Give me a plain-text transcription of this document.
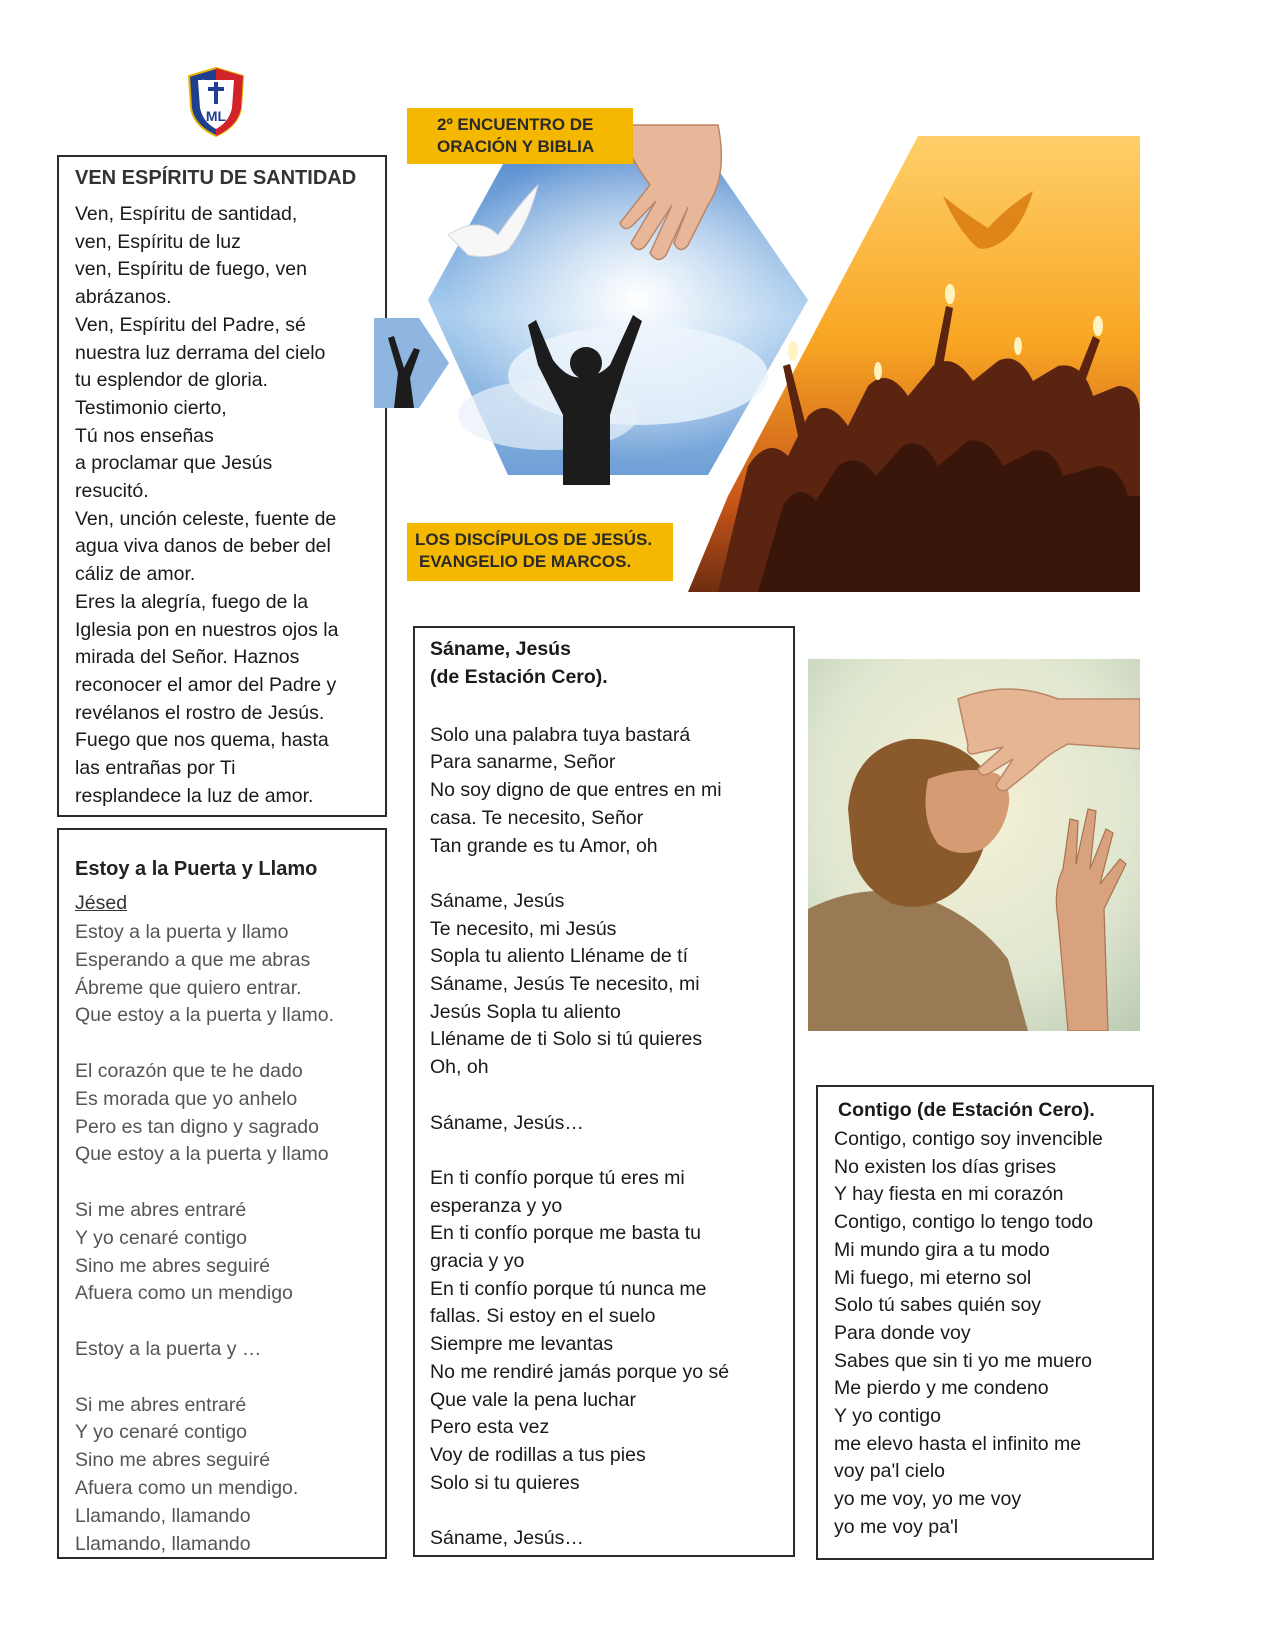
ML
★
VEN ESPÍRITU DE SANTIDAD
Ven, Espíritu de santidad,
ven, Espíritu de luz
ven, Espíritu de fuego, ven
abrázanos.
Ven, Espíritu del Padre, sé
nuestra luz derrama del cielo
tu esplendor de gloria.
Testimonio cierto,
Tú nos enseñas
a proclamar que Jesús
resucitó.
Ven, unción celeste, fuente de
agua viva danos de beber del
cáliz de amor.
Eres la alegría, fuego de la
Iglesia pon en nuestros ojos la
mirada del Señor. Haznos
reconocer el amor del Padre y
revélanos el rostro de Jesús.
Fuego que nos quema, hasta
las entrañas por Ti
resplandece la luz de amor.
Estoy a la Puerta y Llamo
Jésed
Estoy a la puerta y llamo
Esperando a que me abras
Ábreme que quiero entrar.
Que estoy a la puerta y llamo.
El corazón que te he dado
Es morada que yo anhelo
Pero es tan digno y sagrado
Que estoy a la puerta y llamo
Si me abres entraré
Y yo cenaré contigo
Sino me abres seguiré
Afuera como un mendigo
Estoy a la puerta y …
Si me abres entraré
Y yo cenaré contigo
Sino me abres seguiré
Afuera como un mendigo.
Llamando, llamando
Llamando, llamando
Sáname, Jesús
(de Estación Cero).
Solo una palabra tuya bastará
Para sanarme, Señor
No soy digno de que entres en mi
casa. Te necesito, Señor
Tan grande es tu Amor, oh
Sáname, Jesús
Te necesito, mi Jesús
Sopla tu aliento Lléname de tí
Sáname, Jesús Te necesito, mi
Jesús Sopla tu aliento
Lléname de ti Solo si tú quieres
Oh, oh
Sáname, Jesús…
En ti confío porque tú eres mi
esperanza y yo
En ti confío porque me basta tu
gracia y yo
En ti confío porque tú nunca me
fallas. Si estoy en el suelo
Siempre me levantas
No me rendiré jamás porque yo sé
Que vale la pena luchar
Pero esta vez
Voy de rodillas a tus pies
Solo si tu quieres
Sáname, Jesús…
Contigo (de Estación Cero).
Contigo, contigo soy invencible
No existen los días grises
Y hay fiesta en mi corazón
Contigo, contigo lo tengo todo
Mi mundo gira a tu modo
Mi fuego, mi eterno sol
Solo tú sabes quién soy
Para donde voy
Sabes que sin ti yo me muero
Me pierdo y me condeno
Y yo contigo
me elevo hasta el infinito me
voy pa'l cielo
yo me voy, yo me voy
yo me voy pa'l
2º ENCUENTRO DE
ORACIÓN Y BIBLIA
LOS DISCÍPULOS DE JESÚS.
EVANGELIO DE MARCOS.
